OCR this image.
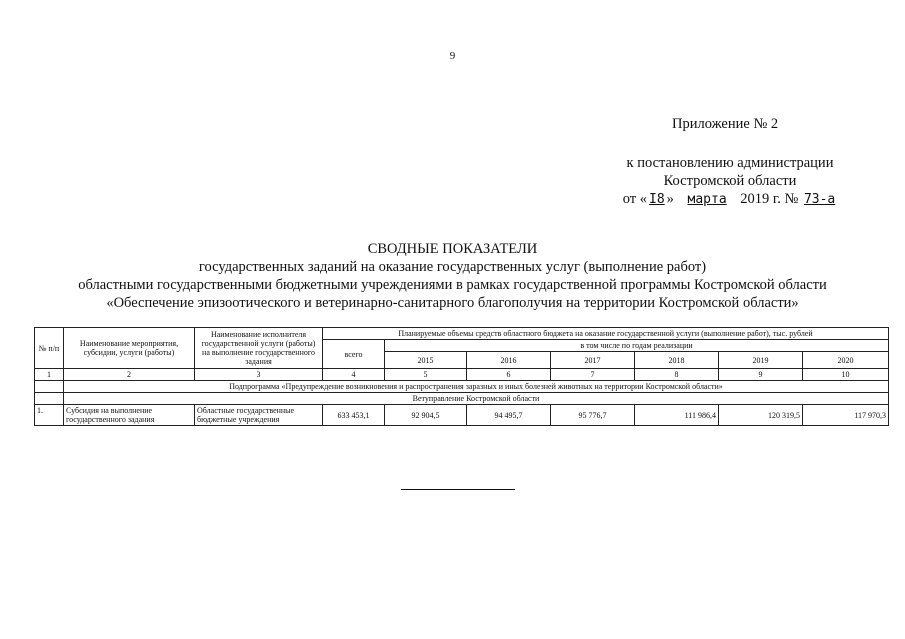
9
Приложение № 2
к постановлению администрации
Костромской области
от « I8 » марта 2019 г. № 73-а
СВОДНЫЕ ПОКАЗАТЕЛИ
государственных заданий на оказание государственных услуг (выполнение работ)
областными государственными бюджетными учреждениями в рамках государственной программы Костромской области
«Обеспечение эпизоотического и ветеринарно-санитарного благополучия на территории Костромской области»
№ п/п	Наименование мероприятия, субсидии, услуги (работы)	Наименование исполнителя государственной услуги (работы) на выполнение государственного задания	Планируемые объемы средств областного бюджета на оказание государственной услуги (выполнение работ), тыс. рублей						
			всего	в том числе по годам реализации					
				2015	2016	2017	2018	2019	2020
1	2	3	4	5	6	7	8	9	10
	Подпрограмма «Предупреждение возникновения и распространения заразных и иных болезней животных на территории Костромской области»								
	Ветуправление Костромской области								
1.	Субсидия на выполнение государственного задания	Областные государственные бюджетные учреждения	633 453,1	92 904,5	94 495,7	95 776,7	111 986,4	120 319,5	117 970,3
